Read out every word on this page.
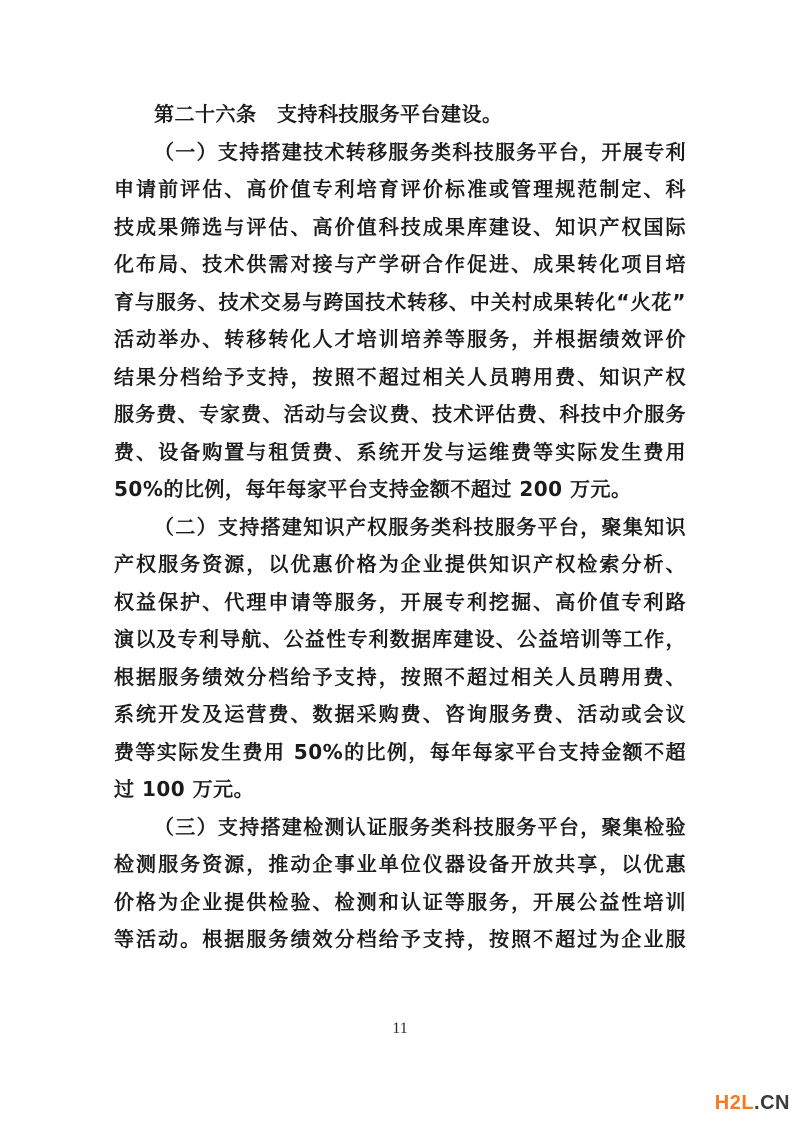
第二十六条　支持科技服务平台建设。
（一）支持搭建技术转移服务类科技服务平台，开展专利
申请前评估、高价值专利培育评价标准或管理规范制定、科
技成果筛选与评估、高价值科技成果库建设、知识产权国际
化布局、技术供需对接与产学研合作促进、成果转化项目培
育与服务、技术交易与跨国技术转移、中关村成果转化“火花”
活动举办、转移转化人才培训培养等服务，并根据绩效评价
结果分档给予支持，按照不超过相关人员聘用费、知识产权
服务费、专家费、活动与会议费、技术评估费、科技中介服务
费、设备购置与租赁费、系统开发与运维费等实际发生费用
50%的比例，每年每家平台支持金额不超过 200 万元。
（二）支持搭建知识产权服务类科技服务平台，聚集知识
产权服务资源，以优惠价格为企业提供知识产权检索分析、
权益保护、代理申请等服务，开展专利挖掘、高价值专利路
演以及专利导航、公益性专利数据库建设、公益培训等工作，
根据服务绩效分档给予支持，按照不超过相关人员聘用费、
系统开发及运营费、数据采购费、咨询服务费、活动或会议
费等实际发生费用 50%的比例，每年每家平台支持金额不超
过 100 万元。
（三）支持搭建检测认证服务类科技服务平台，聚集检验
检测服务资源，推动企事业单位仪器设备开放共享，以优惠
价格为企业提供检验、检测和认证等服务，开展公益性培训
等活动。根据服务绩效分档给予支持，按照不超过为企业服
11
H2L.CN
